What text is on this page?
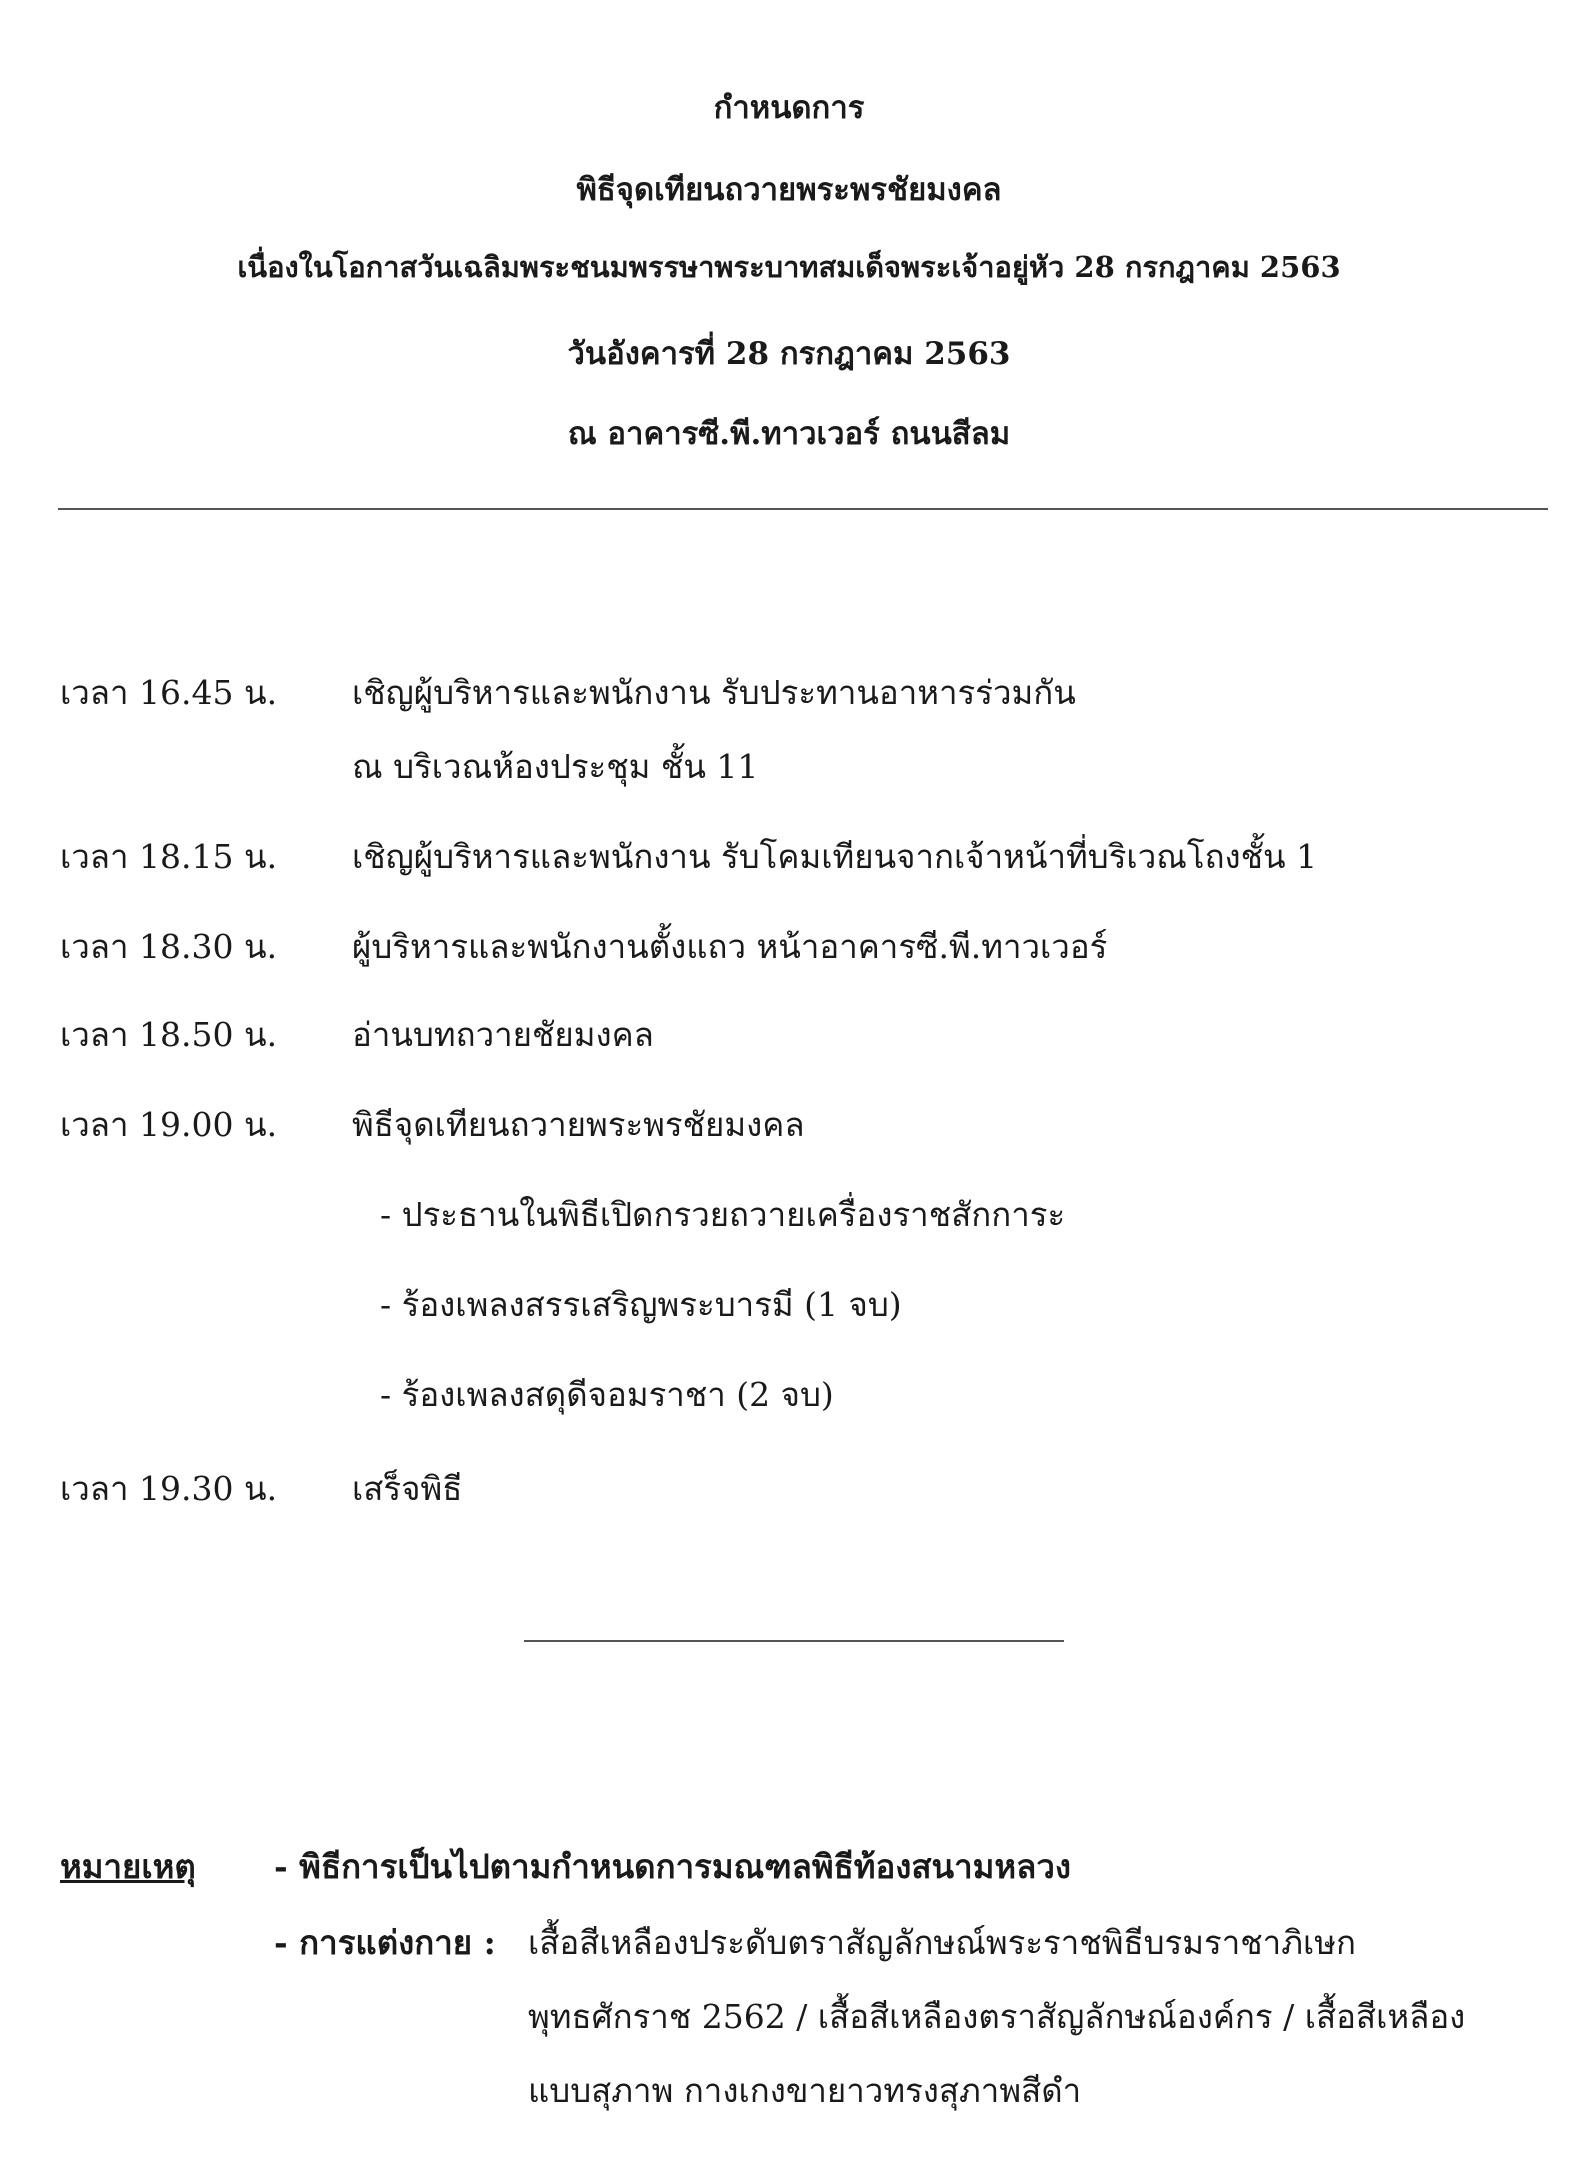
กำหนดการ
พิธีจุดเทียนถวายพระพรชัยมงคล
เนื่องในโอกาสวันเฉลิมพระชนมพรรษาพระบาทสมเด็จพระเจ้าอยู่หัว 28 กรกฎาคม 2563
วันอังคารที่ 28 กรกฎาคม 2563
ณ อาคารซี.พี.ทาวเวอร์ ถนนสีลม
เวลา 16.45 น. เชิญผู้บริหารและพนักงาน รับประทานอาหารร่วมกัน
ณ บริเวณห้องประชุม ชั้น 11
เวลา 18.15 น. เชิญผู้บริหารและพนักงาน รับโคมเทียนจากเจ้าหน้าที่บริเวณโถงชั้น 1
เวลา 18.30 น. ผู้บริหารและพนักงานตั้งแถว หน้าอาคารซี.พี.ทาวเวอร์
เวลา 18.50 น. อ่านบทถวายชัยมงคล
เวลา 19.00 น. พิธีจุดเทียนถวายพระพรชัยมงคล
- ประธานในพิธีเปิดกรวยถวายเครื่องราชสักการะ
- ร้องเพลงสรรเสริญพระบารมี (1 จบ)
- ร้องเพลงสดุดีจอมราชา (2 จบ)
เวลา 19.30 น. เสร็จพิธี
หมายเหตุ - พิธีการเป็นไปตามกำหนดการมณฑลพิธีท้องสนามหลวง
- การแต่งกาย : เสื้อสีเหลืองประดับตราสัญลักษณ์พระราชพิธีบรมราชาภิเษก
พุทธศักราช 2562 / เสื้อสีเหลืองตราสัญลักษณ์องค์กร / เสื้อสีเหลือง
แบบสุภาพ กางเกงขายาวทรงสุภาพสีดำ
